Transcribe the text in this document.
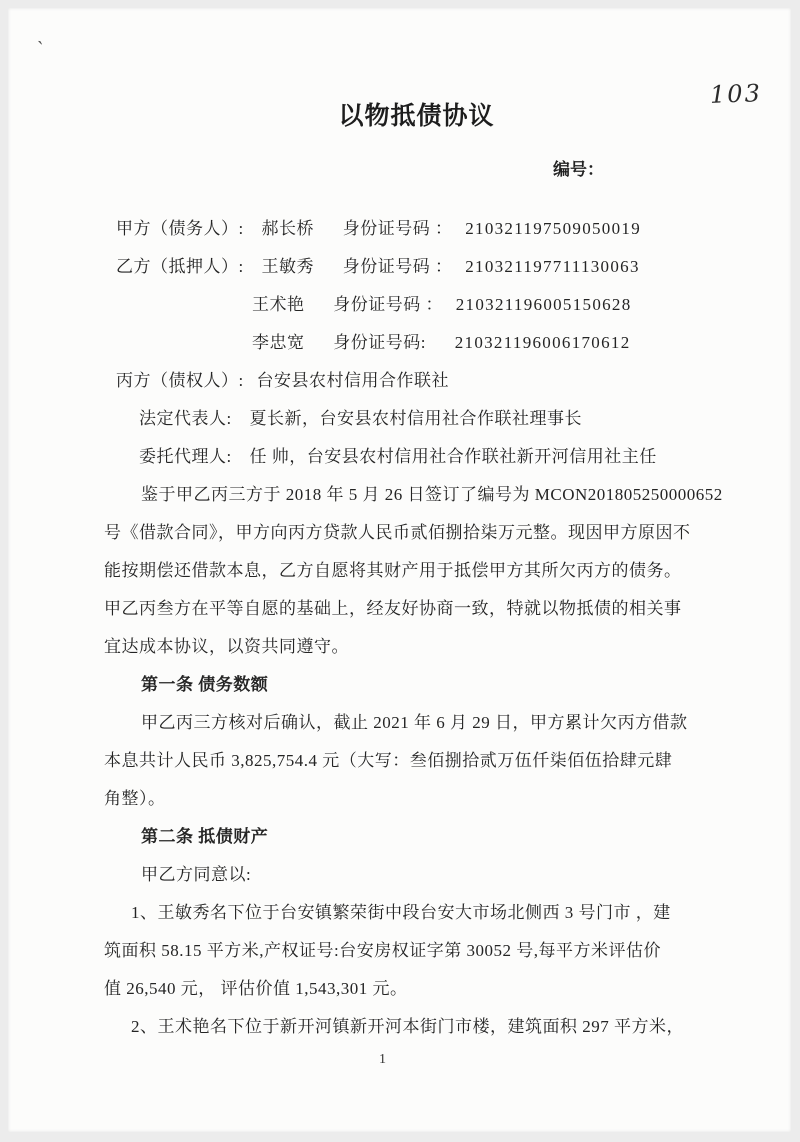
`
103
以物抵债协议
编号：
甲方（债务人）: 郝长桥 身份证号码 ： 210321197509050019
乙方（抵押人）: 王敏秀 身份证号码 ： 210321197711130063
王术艳 身份证号码 ： 210321196005150628
李忠宽 身份证号码: 210321196006170612
丙方（债权人）: 台安县农村信用合作联社
法定代表人: 夏长新，台安县农村信用社合作联社理事长
委托代理人: 任 帅，台安县农村信用社合作联社新开河信用社主任
鉴于甲乙丙三方于 2018 年 5 月 26 日签订了编号为 MCON201805250000652
号《借款合同》，甲方向丙方贷款人民币贰佰捌拾柒万元整。现因甲方原因不
能按期偿还借款本息，乙方自愿将其财产用于抵偿甲方其所欠丙方的债务。
甲乙丙叁方在平等自愿的基础上，经友好协商一致，特就以物抵债的相关事
宜达成本协议，以资共同遵守。
第一条 债务数额
甲乙丙三方核对后确认，截止 2021 年 6 月 29 日，甲方累计欠丙方借款
本息共计人民币 3,825,754.4 元（大写：叁佰捌拾贰万伍仟柒佰伍拾肆元肆
角整）。
第二条 抵债财产
甲乙方同意以:
1、王敏秀名下位于台安镇繁荣街中段台安大市场北侧西 3 号门市 ，建
筑面积 58.15 平方米,产权证号:台安房权证字第 30052 号,每平方米评估价
值 26,540 元， 评估价值 1,543,301 元。
2、王术艳名下位于新开河镇新开河本街门市楼，建筑面积 297 平方米，
1
